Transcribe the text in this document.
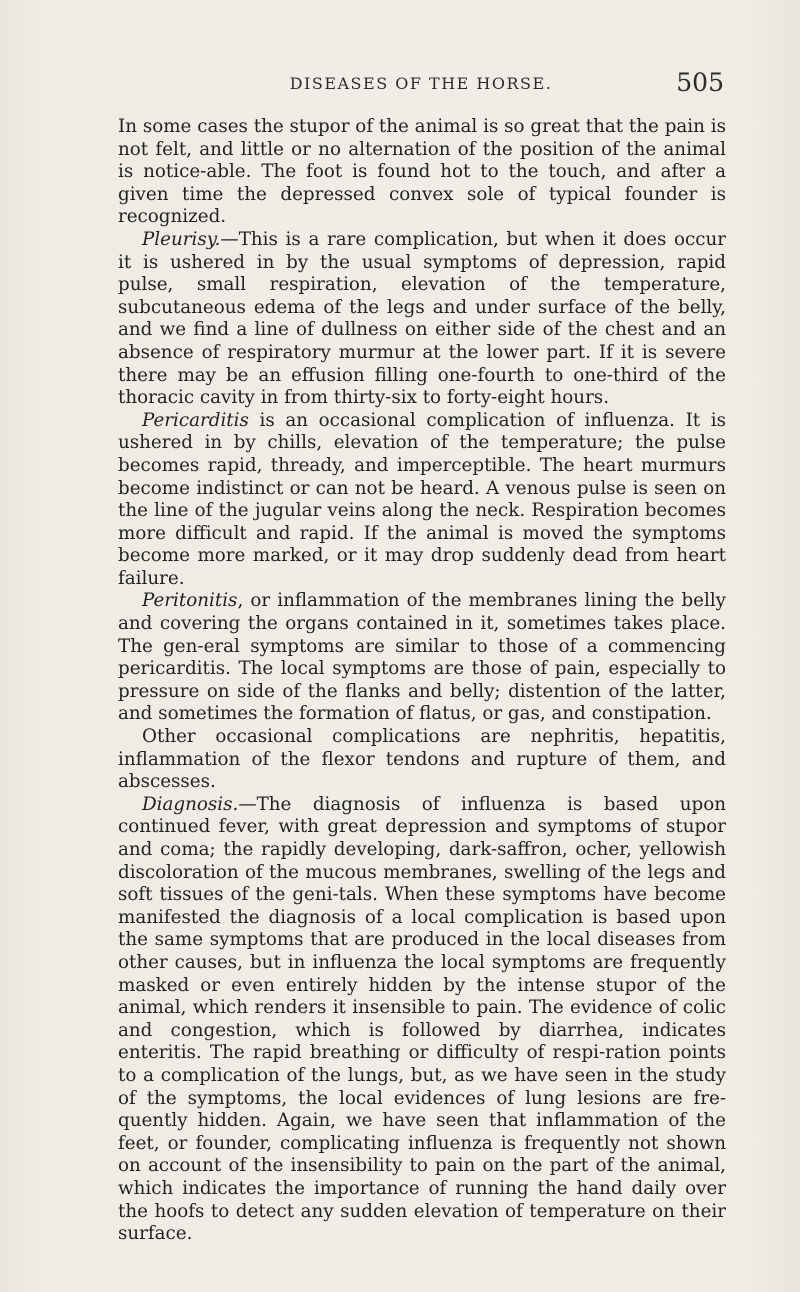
DISEASES OF THE HORSE.	505

In some cases the stupor of the animal is so great that the pain is not felt, and little or no alternation of the position of the animal is notice-able. The foot is found hot to the touch, and after a given time the depressed convex sole of typical founder is recognized.

Pleurisy.—This is a rare complication, but when it does occur it is ushered in by the usual symptoms of depression, rapid pulse, small respiration, elevation of the temperature, subcutaneous edema of the legs and under surface of the belly, and we find a line of dullness on either side of the chest and an absence of respiratory murmur at the lower part. If it is severe there may be an effusion filling one-fourth to one-third of the thoracic cavity in from thirty-six to forty-eight hours.

Pericarditis is an occasional complication of influenza. It is ushered in by chills, elevation of the temperature; the pulse becomes rapid, thready, and imperceptible. The heart murmurs become indistinct or can not be heard. A venous pulse is seen on the line of the jugular veins along the neck. Respiration becomes more difficult and rapid. If the animal is moved the symptoms become more marked, or it may drop suddenly dead from heart failure.

Peritonitis, or inflammation of the membranes lining the belly and covering the organs contained in it, sometimes takes place. The gen-eral symptoms are similar to those of a commencing pericarditis. The local symptoms are those of pain, especially to pressure on side of the flanks and belly; distention of the latter, and sometimes the formation of flatus, or gas, and constipation.

Other occasional complications are nephritis, hepatitis, inflammation of the flexor tendons and rupture of them, and abscesses.

Diagnosis.—The diagnosis of influenza is based upon continued fever, with great depression and symptoms of stupor and coma; the rapidly developing, dark-saffron, ocher, yellowish discoloration of the mucous membranes, swelling of the legs and soft tissues of the geni-tals. When these symptoms have become manifested the diagnosis of a local complication is based upon the same symptoms that are produced in the local diseases from other causes, but in influenza the local symptoms are frequently masked or even entirely hidden by the intense stupor of the animal, which renders it insensible to pain. The evidence of colic and congestion, which is followed by diarrhea, indicates enteritis. The rapid breathing or difficulty of respi-ration points to a complication of the lungs, but, as we have seen in the study of the symptoms, the local evidences of lung lesions are fre-quently hidden. Again, we have seen that inflammation of the feet, or founder, complicating influenza is frequently not shown on account of the insensibility to pain on the part of the animal, which indicates the importance of running the hand daily over the hoofs to detect any sudden elevation of temperature on their surface.
